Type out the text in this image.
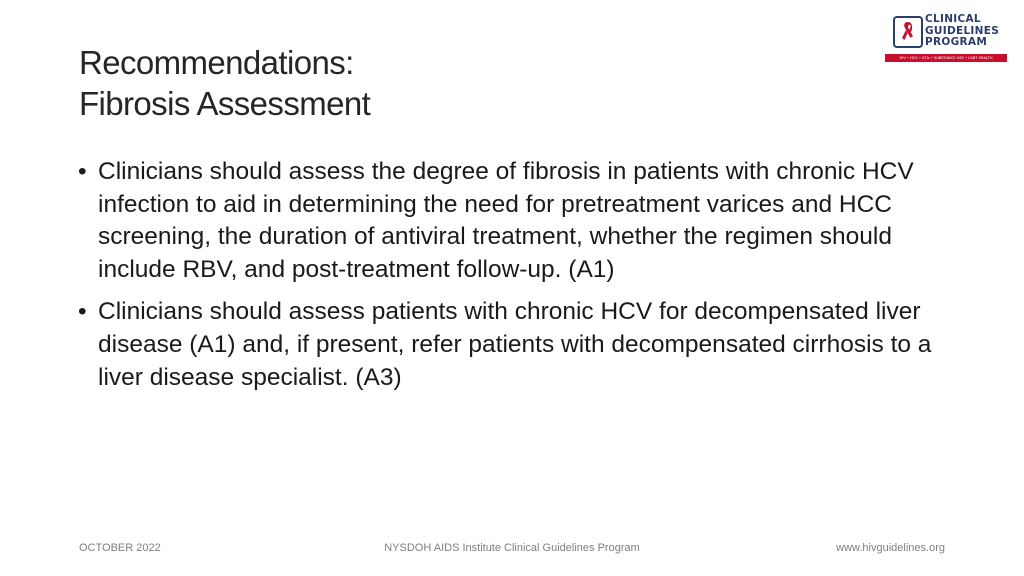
Recommendations:
Fibrosis Assessment
• Clinicians should assess the degree of fibrosis in patients with chronic HCV infection to aid in determining the need for pretreatment varices and HCC screening, the duration of antiviral treatment, whether the regimen should include RBV, and post-treatment follow-up. (A1)
• Clinicians should assess patients with chronic HCV for decompensated liver disease (A1) and, if present, refer patients with decompensated cirrhosis to a liver disease specialist. (A3)
CLINICAL
GUIDELINES
PROGRAM
HIV • HCV • STIs • SUBSTANCE USE • LGBT HEALTH
OCTOBER 2022	NYSDOH AIDS Institute Clinical Guidelines Program	www.hivguidelines.org
